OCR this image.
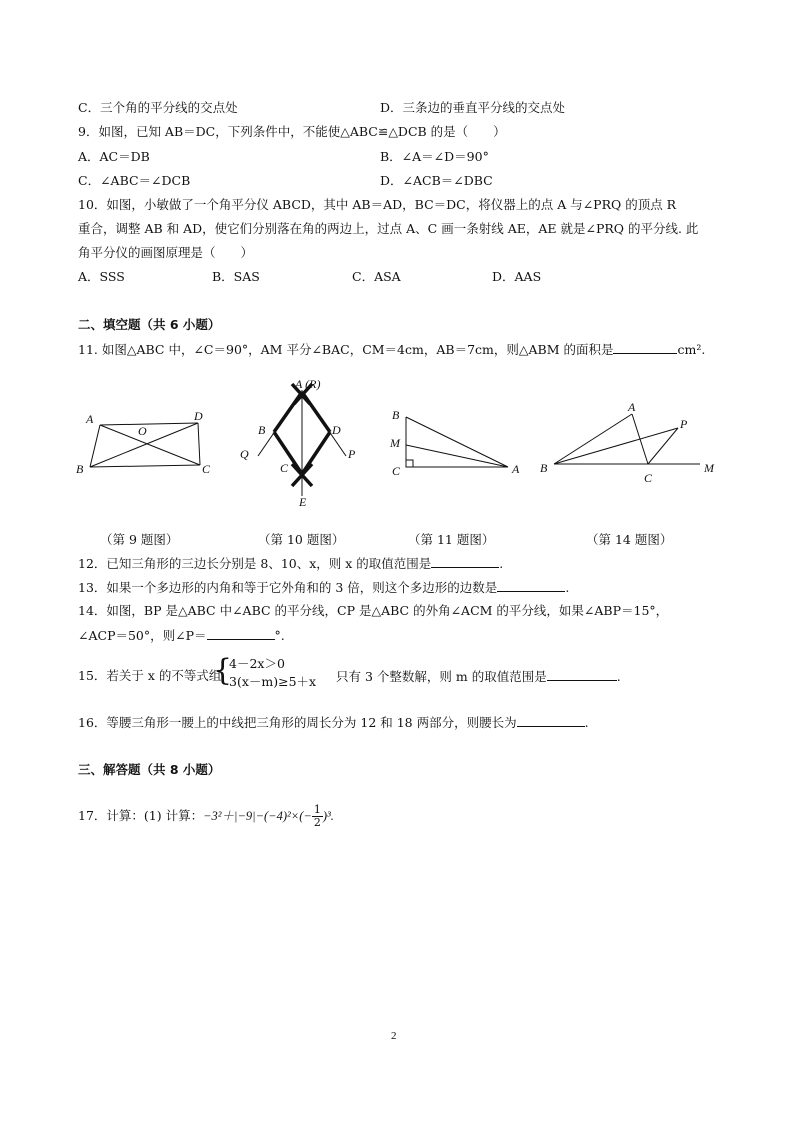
C．三个角的平分线的交点处	D．三条边的垂直平分线的交点处
9．如图，已知 AB＝DC，下列条件中，不能使△ABC≌△DCB 的是（　　）
A．AC＝DB	B．∠A＝∠D＝90°
C．∠ABC＝∠DCB	D．∠ACB＝∠DBC
10．如图，小敏做了一个角平分仪 ABCD，其中 AB＝AD，BC＝DC，将仪器上的点 A 与∠PRQ 的顶点 R
重合，调整 AB 和 AD，使它们分别落在角的两边上，过点 A、C 画一条射线 AE，AE 就是∠PRQ 的平分线. 此
角平分仪的画图原理是（　　）
A．SSS	B．SAS	C．ASA	D．AAS
二、填空题（共 6 小题）
11. 如图△ABC 中，∠C＝90°，AM 平分∠BAC，CM＝4cm，AB＝7cm，则△ABM 的面积是	cm².
A
O
D
B	C
（第 9 题图）
A (R)
B	D
Q	P
C
E
（第 10 题图）
B
M
C	A
（第 11 题图）
A
P
B
C
M
（第 14 题图）
12．已知三角形的三边长分别是 8、10、x，则 x 的取值范围是	.
13．如果一个多边形的内角和等于它外角和的 3 倍，则这个多边形的边数是	.
14．如图，BP 是△ABC 中∠ABC 的平分线，CP 是△ABC 的外角∠ACM 的平分线，如果∠ABP＝15°，
∠ACP＝50°，则∠P＝	°.
15．若关于 x 的不等式组
{
4－2x＞0
3(x－m)≥5＋x 只有 3 个整数解，则 m 的取值范围是	.
16．等腰三角形一腰上的中线把三角形的周长分为 12 和 18 两部分，则腰长为	.
三、解答题（共 8 小题）
17．计算：(1) 计算：$-3^2+|-9|-(-4)^2\times(- \frac{1}{2} )^3$.
2
